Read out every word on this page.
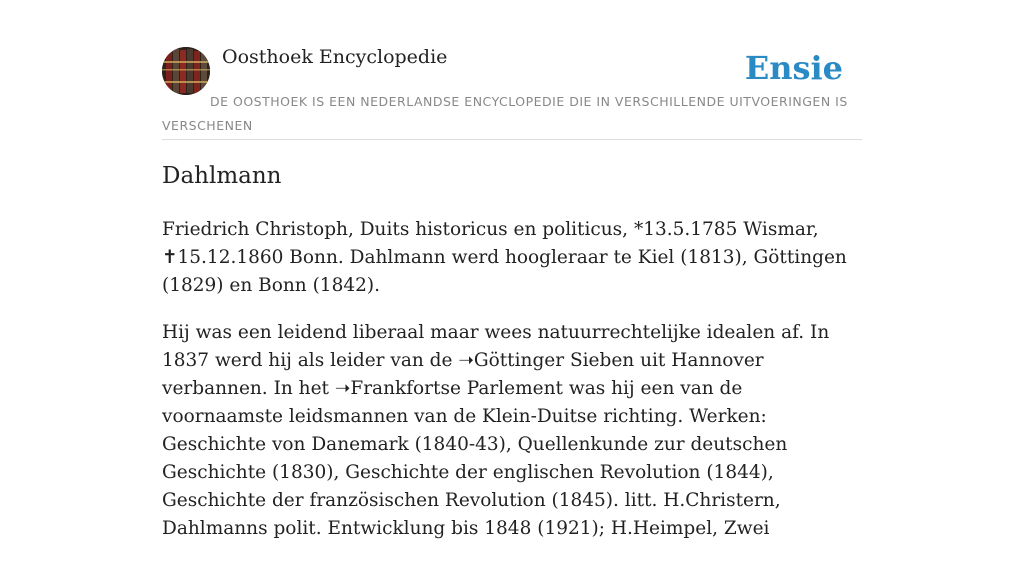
Oosthoek Encyclopedie	Ensie
DE OOSTHOEK IS EEN NEDERLANDSE ENCYCLOPEDIE DIE IN VERSCHILLENDE UITVOERINGEN IS VERSCHENEN
Dahlmann

Friedrich Christoph, Duits historicus en politicus, *13.5.1785 Wismar, ✝15.12.1860 Bonn. Dahlmann werd hoogleraar te Kiel (1813), Göttingen (1829) en Bonn (1842).

Hij was een leidend liberaal maar wees natuurrechtelijke idealen af. In 1837 werd hij als leider van de ➝Göttinger Sieben uit Hannover verbannen. In het ➝Frankfortse Parlement was hij een van de voornaamste leidsmannen van de Klein-Duitse richting. Werken: Geschichte von Danemark (1840-43), Quellenkunde zur deutschen Geschichte (1830), Geschichte der englischen Revolution (1844), Geschichte der französischen Revolution (1845). litt. H.Christern, Dahlmanns polit. Entwicklung bis 1848 (1921); H.Heimpel, Zwei
